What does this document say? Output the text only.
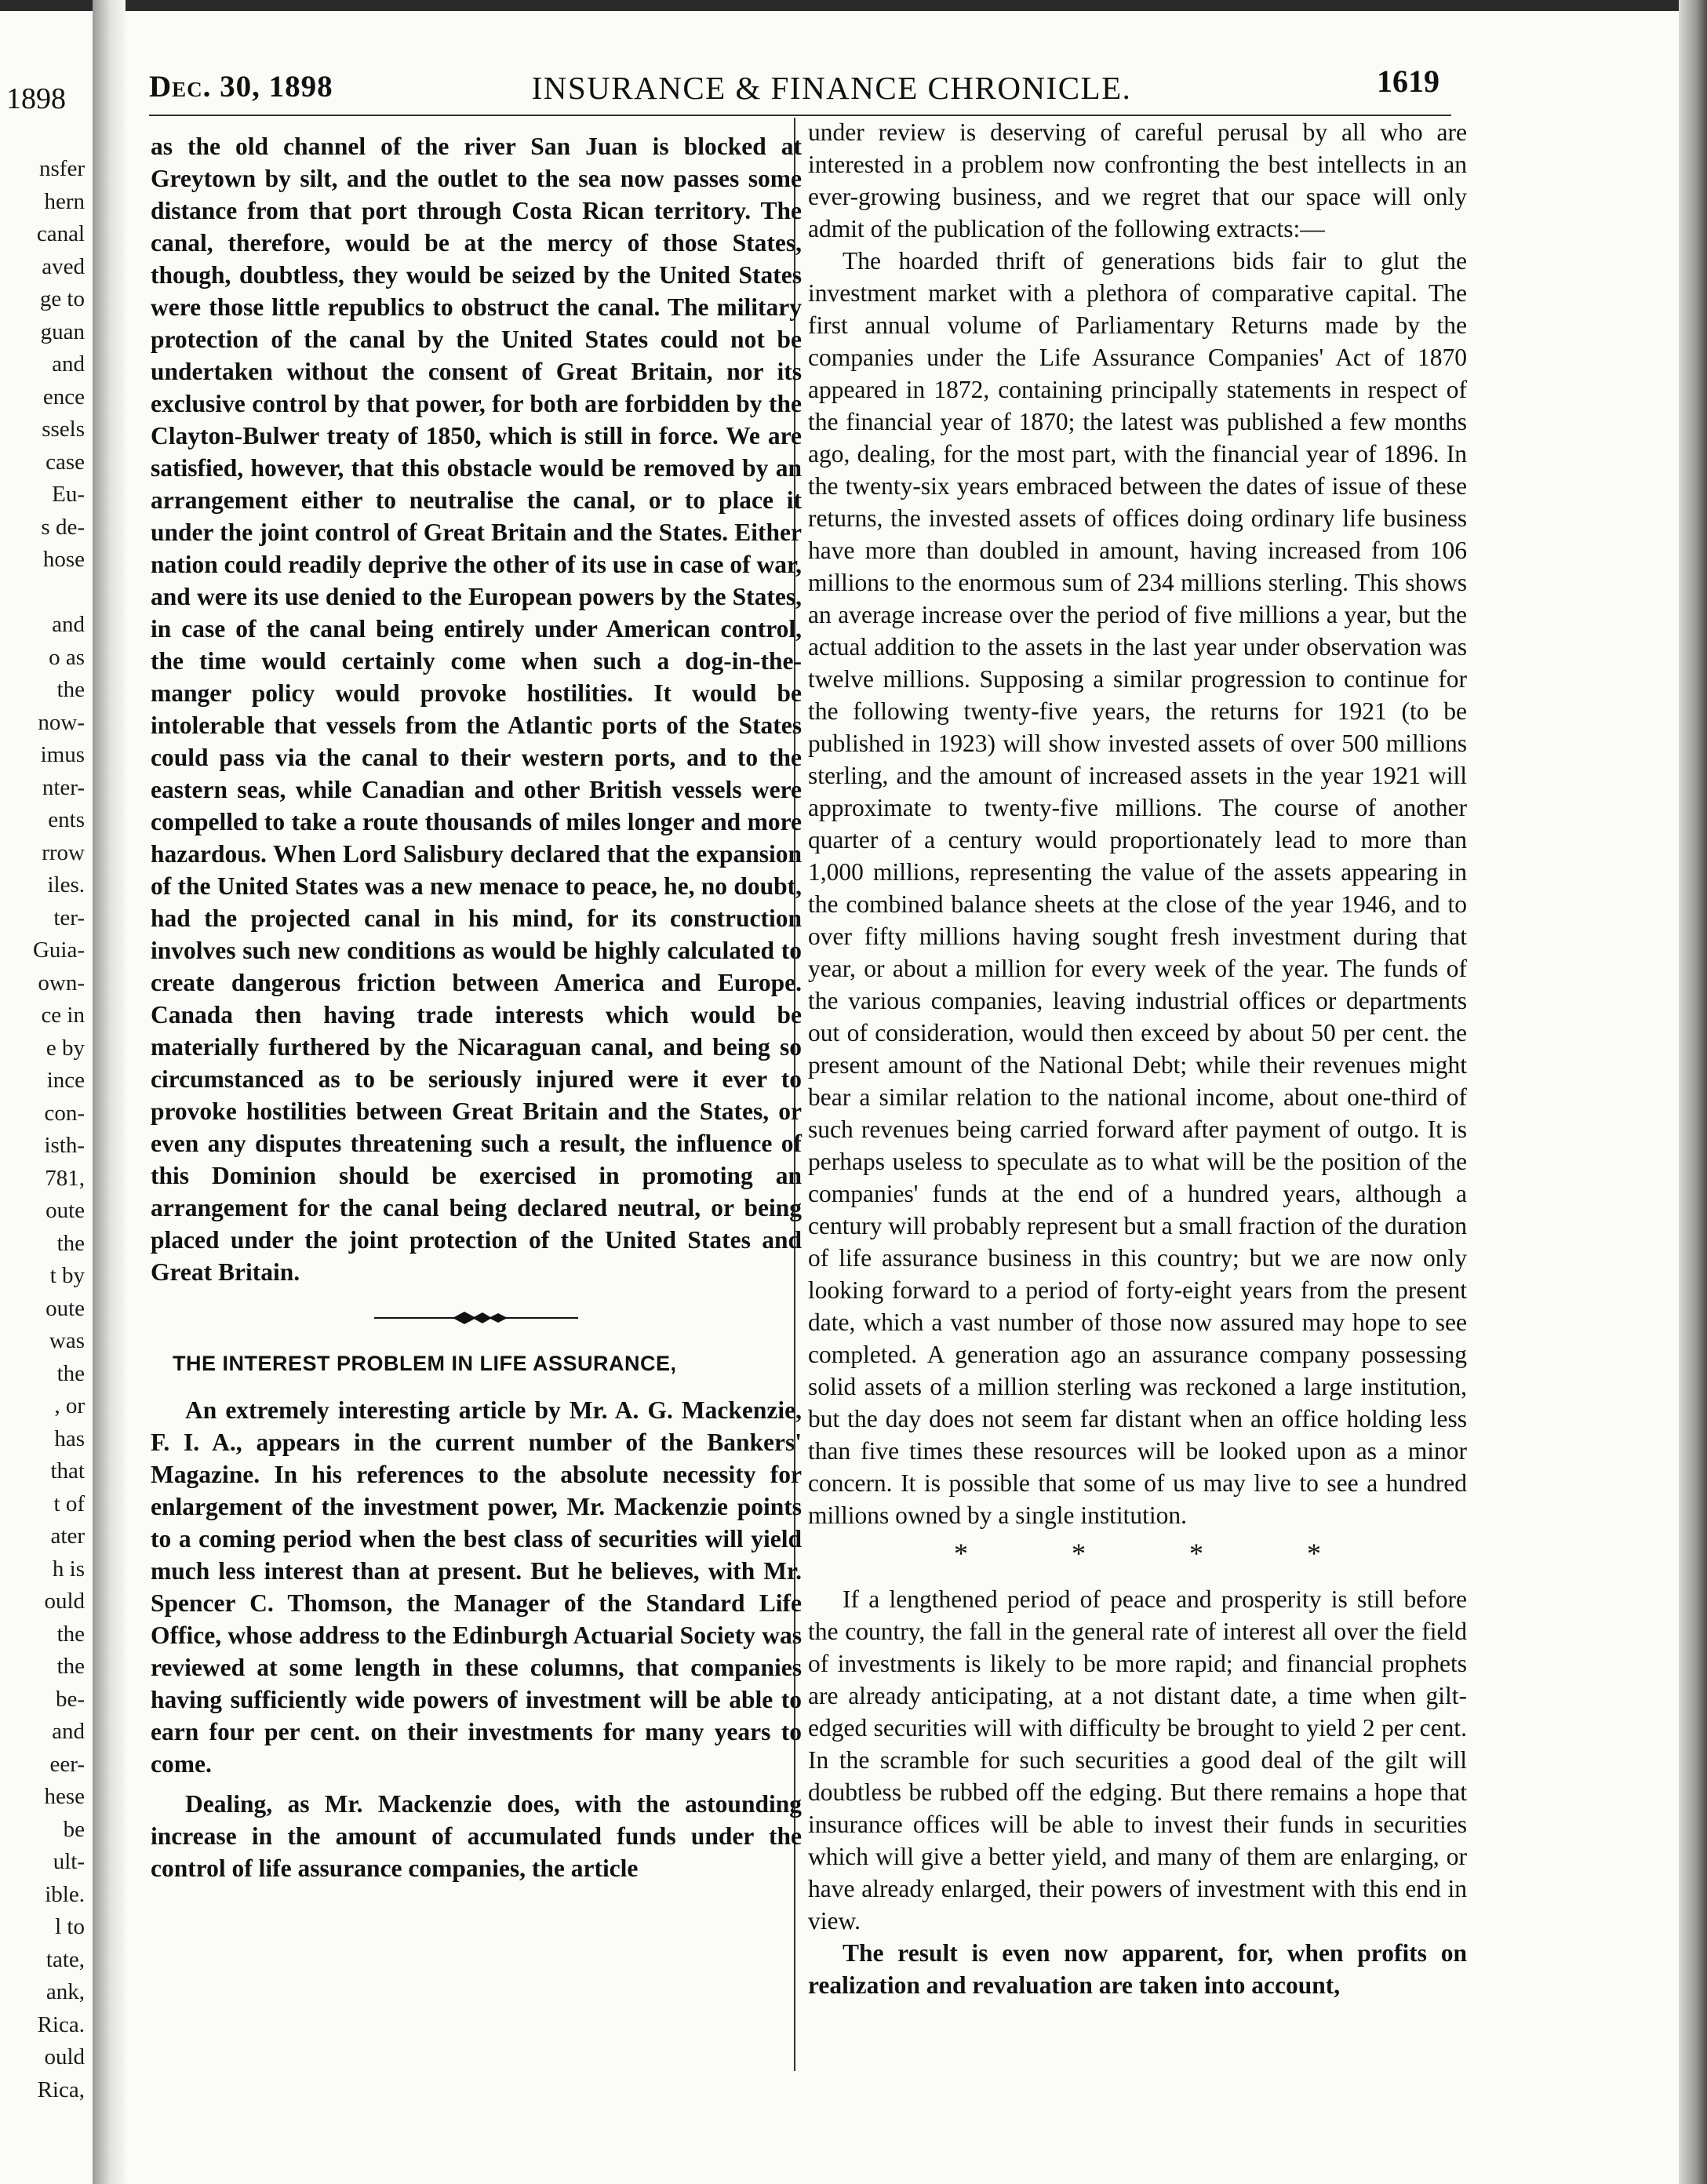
1898
nsfer
hern
canal
aved
ge to
guan
and
ence
ssels
case
Eu-
s de-
hose
and
o as
the
now-
imus
nter-
ents
rrow
iles.
ter-
Guia-
own-
ce in
e by
ince
con-
isth-
781,
oute
the
t by
oute
was
the
, or
has
that
t of
ater
h is
ould
the
the
be-
and
eer-
hese
be
ult-
ible.
l to
tate,
ank,
Rica.
ould
Rica,
Dec. 30, 1898	INSURANCE & FINANCE CHRONICLE.	1619

as the old channel of the river San Juan is blocked at Greytown by silt, and the outlet to the sea now passes some distance from that port through Costa Rican territory. The canal, therefore, would be at the mercy of those States, though, doubtless, they would be seized by the United States were those little republics to obstruct the canal. The military protection of the canal by the United States could not be undertaken without the consent of Great Britain, nor its exclusive control by that power, for both are forbidden by the Clayton-Bulwer treaty of 1850, which is still in force. We are satisfied, however, that this obstacle would be removed by an arrangement either to neutralise the canal, or to place it under the joint control of Great Britain and the States. Either nation could readily deprive the other of its use in case of war, and were its use denied to the European powers by the States, in case of the canal being entirely under American control, the time would certainly come when such a dog-in-the-manger policy would provoke hostilities. It would be intolerable that vessels from the Atlantic ports of the States could pass via the canal to their western ports, and to the eastern seas, while Canadian and other British vessels were compelled to take a route thousands of miles longer and more hazardous. When Lord Salisbury declared that the expansion of the United States was a new menace to peace, he, no doubt, had the projected canal in his mind, for its construction involves such new conditions as would be highly calculated to create dangerous friction between America and Europe. Canada then having trade interests which would be materially furthered by the Nicaraguan canal, and being so circumstanced as to be seriously injured were it ever to provoke hostilities between Great Britain and the States, or even any disputes threatening such a result, the influence of this Dominion should be exercised in promoting an arrangement for the canal being declared neutral, or being placed under the joint protection of the United States and Great Britain.

THE INTEREST PROBLEM IN LIFE ASSURANCE,

An extremely interesting article by Mr. A. G. Mackenzie, F. I. A., appears in the current number of the Bankers' Magazine. In his references to the absolute necessity for enlargement of the investment power, Mr. Mackenzie points to a coming period when the best class of securities will yield much less interest than at present. But he believes, with Mr. Spencer C. Thomson, the Manager of the Standard Life Office, whose address to the Edinburgh Actuarial Society was reviewed at some length in these columns, that companies having sufficiently wide powers of investment will be able to earn four per cent. on their investments for many years to come.

Dealing, as Mr. Mackenzie does, with the astounding increase in the amount of accumulated funds under the control of life assurance companies, the article

under review is deserving of careful perusal by all who are interested in a problem now confronting the best intellects in an ever-growing business, and we regret that our space will only admit of the publication of the following extracts:—

The hoarded thrift of generations bids fair to glut the investment market with a plethora of comparative capital. The first annual volume of Parliamentary Returns made by the companies under the Life Assurance Companies' Act of 1870 appeared in 1872, containing principally statements in respect of the financial year of 1870; the latest was published a few months ago, dealing, for the most part, with the financial year of 1896. In the twenty-six years embraced between the dates of issue of these returns, the invested assets of offices doing ordinary life business have more than doubled in amount, having increased from 106 millions to the enormous sum of 234 millions sterling. This shows an average increase over the period of five millions a year, but the actual addition to the assets in the last year under observation was twelve millions. Supposing a similar progression to continue for the following twenty-five years, the returns for 1921 (to be published in 1923) will show invested assets of over 500 millions sterling, and the amount of increased assets in the year 1921 will approximate to twenty-five millions. The course of another quarter of a century would proportionately lead to more than 1,000 millions, representing the value of the assets appearing in the combined balance sheets at the close of the year 1946, and to over fifty millions having sought fresh investment during that year, or about a million for every week of the year. The funds of the various companies, leaving industrial offices or departments out of consideration, would then exceed by about 50 per cent. the present amount of the National Debt; while their revenues might bear a similar relation to the national income, about one-third of such revenues being carried forward after payment of outgo. It is perhaps useless to speculate as to what will be the position of the companies' funds at the end of a hundred years, although a century will probably represent but a small fraction of the duration of life assurance business in this country; but we are now only looking forward to a period of forty-eight years from the present date, which a vast number of those now assured may hope to see completed. A generation ago an assurance company possessing solid assets of a million sterling was reckoned a large institution, but the day does not seem far distant when an office holding less than five times these resources will be looked upon as a minor concern. It is possible that some of us may live to see a hundred millions owned by a single institution.

*	*	*	*

If a lengthened period of peace and prosperity is still before the country, the fall in the general rate of interest all over the field of investments is likely to be more rapid; and financial prophets are already anticipating, at a not distant date, a time when gilt-edged securities will with difficulty be brought to yield 2 per cent. In the scramble for such securities a good deal of the gilt will doubtless be rubbed off the edging. But there remains a hope that insurance offices will be able to invest their funds in securities which will give a better yield, and many of them are enlarging, or have already enlarged, their powers of investment with this end in view.

The result is even now apparent, for, when profits on realization and revaluation are taken into account,
